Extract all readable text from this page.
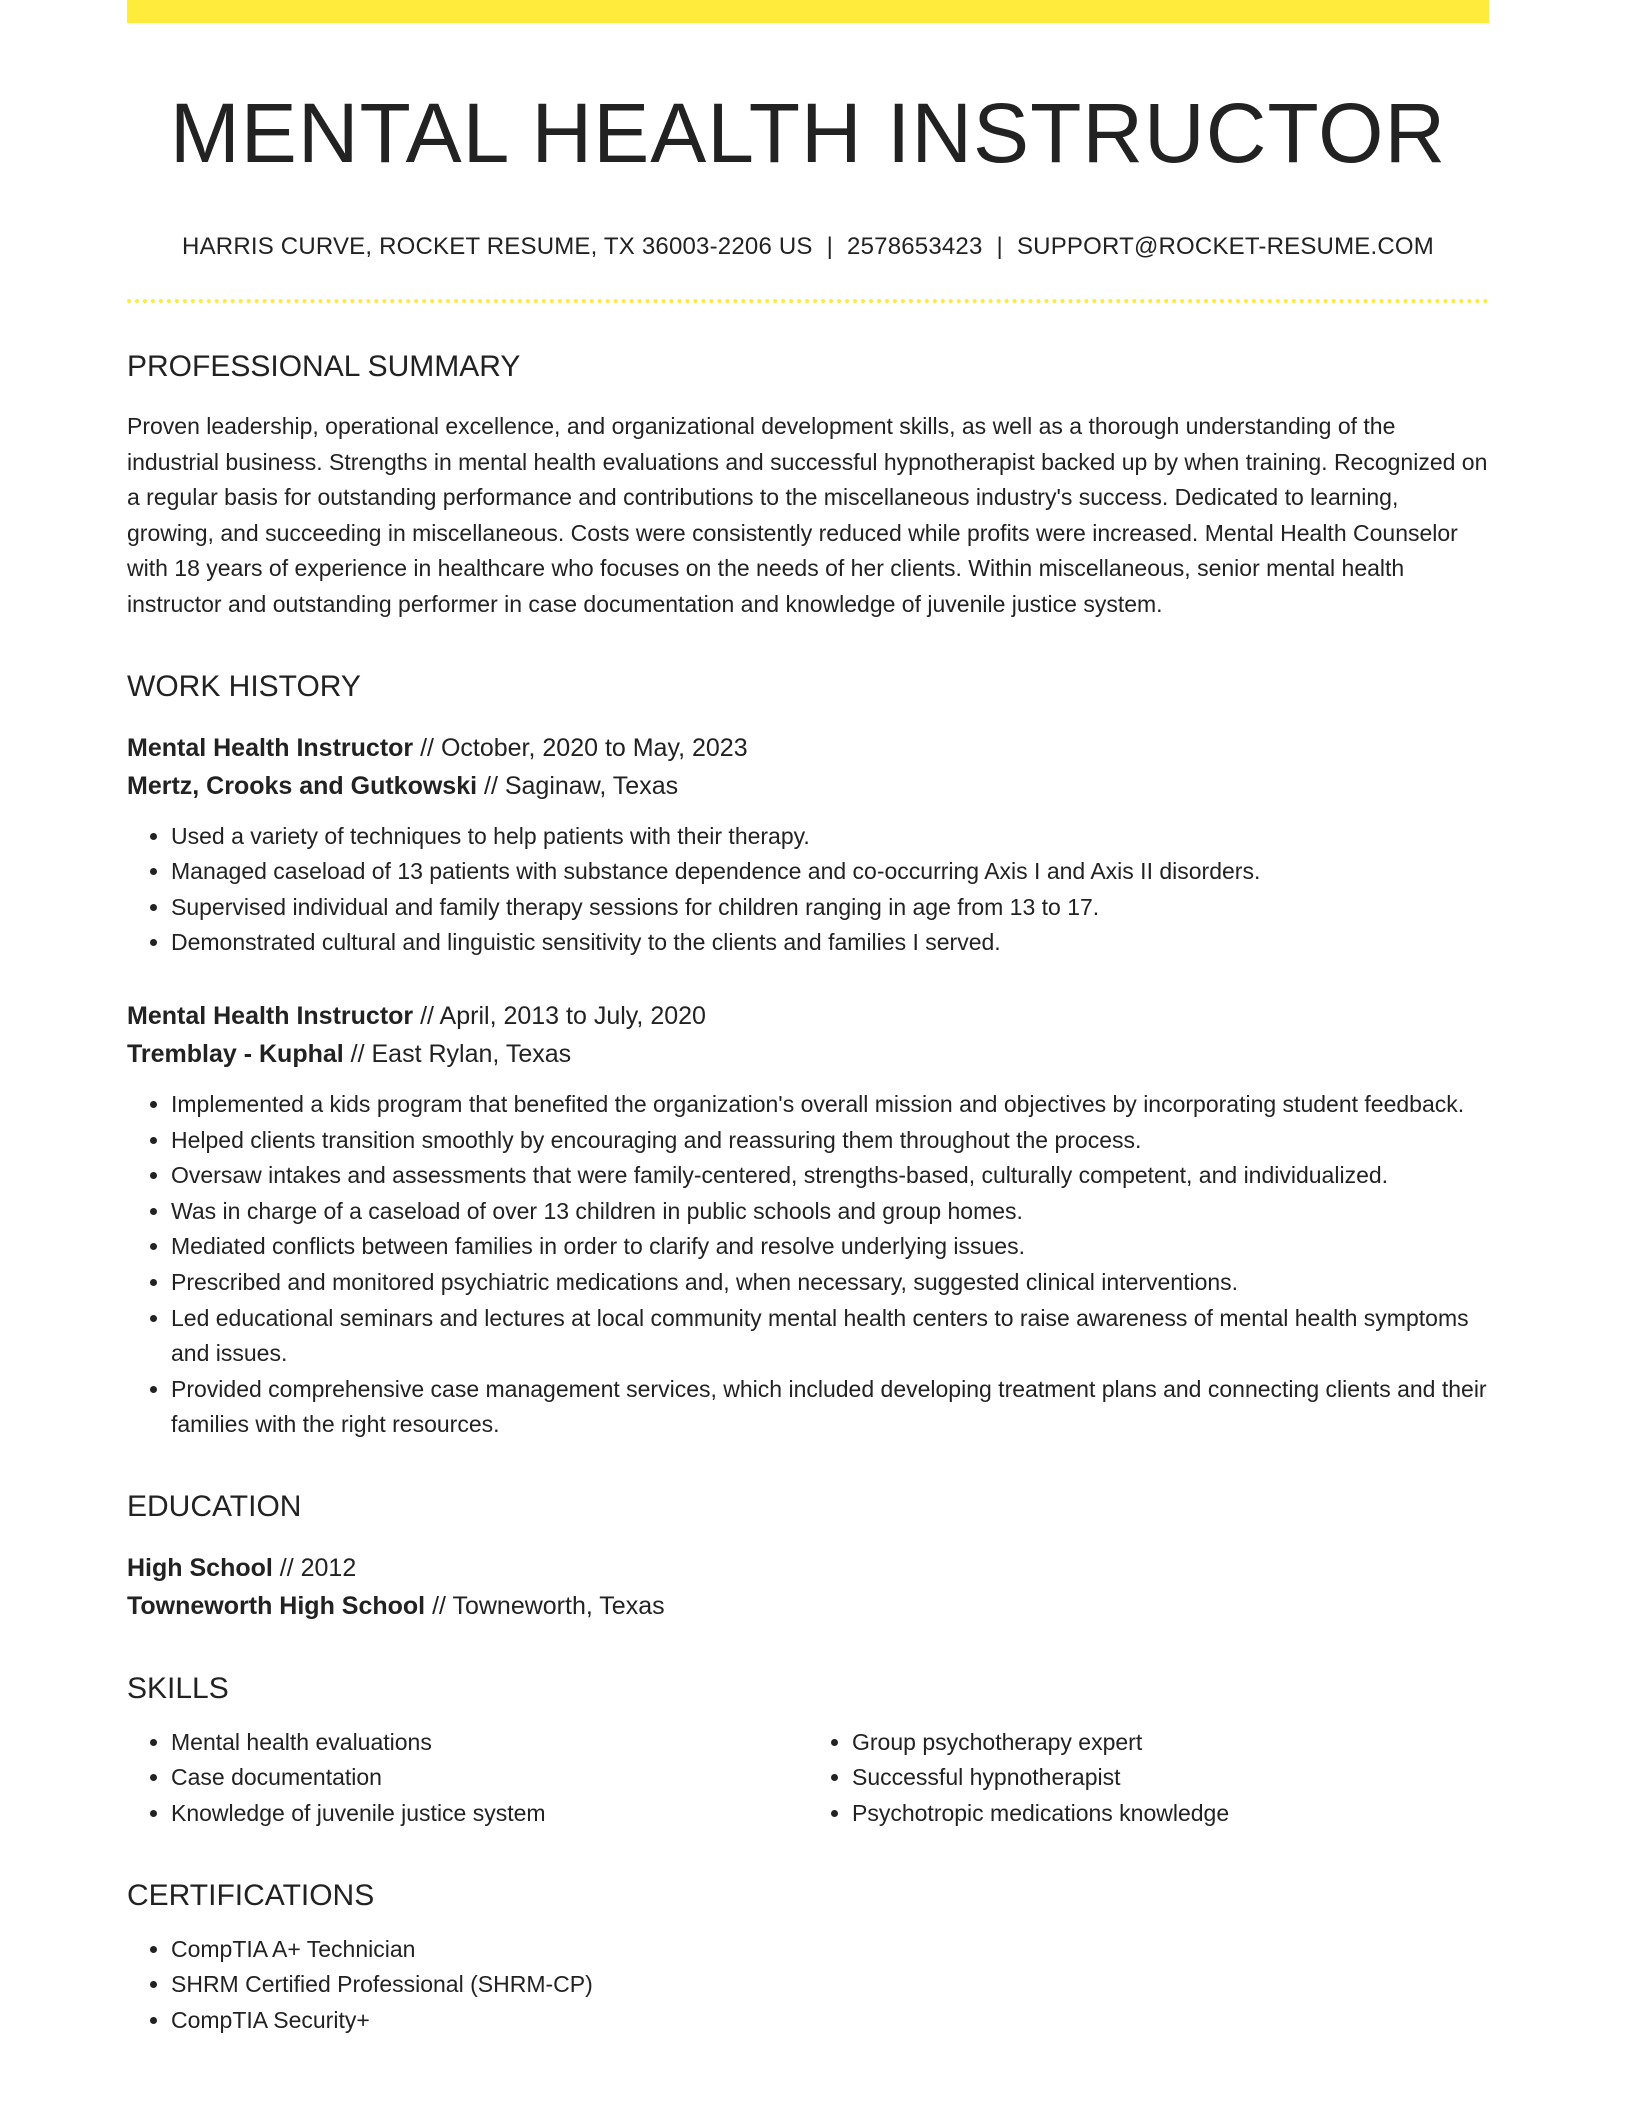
MENTAL HEALTH INSTRUCTOR
HARRIS CURVE, ROCKET RESUME, TX 36003-2206 US | 2578653423 | SUPPORT@ROCKET-RESUME.COM
PROFESSIONAL SUMMARY

Proven leadership, operational excellence, and organizational development skills, as well as a thorough understanding of the industrial business. Strengths in mental health evaluations and successful hypnotherapist backed up by when training. Recognized on a regular basis for outstanding performance and contributions to the miscellaneous industry's success. Dedicated to learning, growing, and succeeding in miscellaneous. Costs were consistently reduced while profits were increased. Mental Health Counselor with 18 years of experience in healthcare who focuses on the needs of her clients. Within miscellaneous, senior mental health instructor and outstanding performer in case documentation and knowledge of juvenile justice system.

WORK HISTORY
Mental Health Instructor // October, 2020 to May, 2023
Mertz, Crooks and Gutkowski // Saginaw, Texas
• Used a variety of techniques to help patients with their therapy.
• Managed caseload of 13 patients with substance dependence and co-occurring Axis I and Axis II disorders.
• Supervised individual and family therapy sessions for children ranging in age from 13 to 17.
• Demonstrated cultural and linguistic sensitivity to the clients and families I served.
Mental Health Instructor // April, 2013 to July, 2020
Tremblay - Kuphal // East Rylan, Texas
• Implemented a kids program that benefited the organization's overall mission and objectives by incorporating student feedback.
• Helped clients transition smoothly by encouraging and reassuring them throughout the process.
• Oversaw intakes and assessments that were family-centered, strengths-based, culturally competent, and individualized.
• Was in charge of a caseload of over 13 children in public schools and group homes.
• Mediated conflicts between families in order to clarify and resolve underlying issues.
• Prescribed and monitored psychiatric medications and, when necessary, suggested clinical interventions.
• Led educational seminars and lectures at local community mental health centers to raise awareness of mental health symptoms and issues.
• Provided comprehensive case management services, which included developing treatment plans and connecting clients and their families with the right resources.
EDUCATION
High School // 2012
Towneworth High School // Towneworth, Texas
SKILLS
• Mental health evaluations
• Case documentation
• Knowledge of juvenile justice system
• Group psychotherapy expert
• Successful hypnotherapist
• Psychotropic medications knowledge
CERTIFICATIONS
• CompTIA A+ Technician
• SHRM Certified Professional (SHRM-CP)
• CompTIA Security+
